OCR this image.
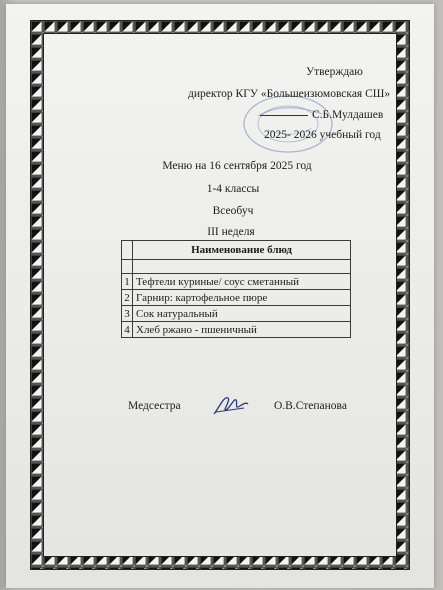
Утверждаю
директор КГУ «Большеизюмовская СШ»
С.Б.Мулдашев
2025- 2026 учебный год
Меню на 16 сентября 2025 год
1-4 классы
Всеобуч
III неделя
	Наименование блюд

1	Тефтели куриные/ соус сметанный
2	Гарнир: картофельное пюре
3	Сок натуральный
4	Хлеб ржано - пшеничный
Медсестра	О.В.Степанова
